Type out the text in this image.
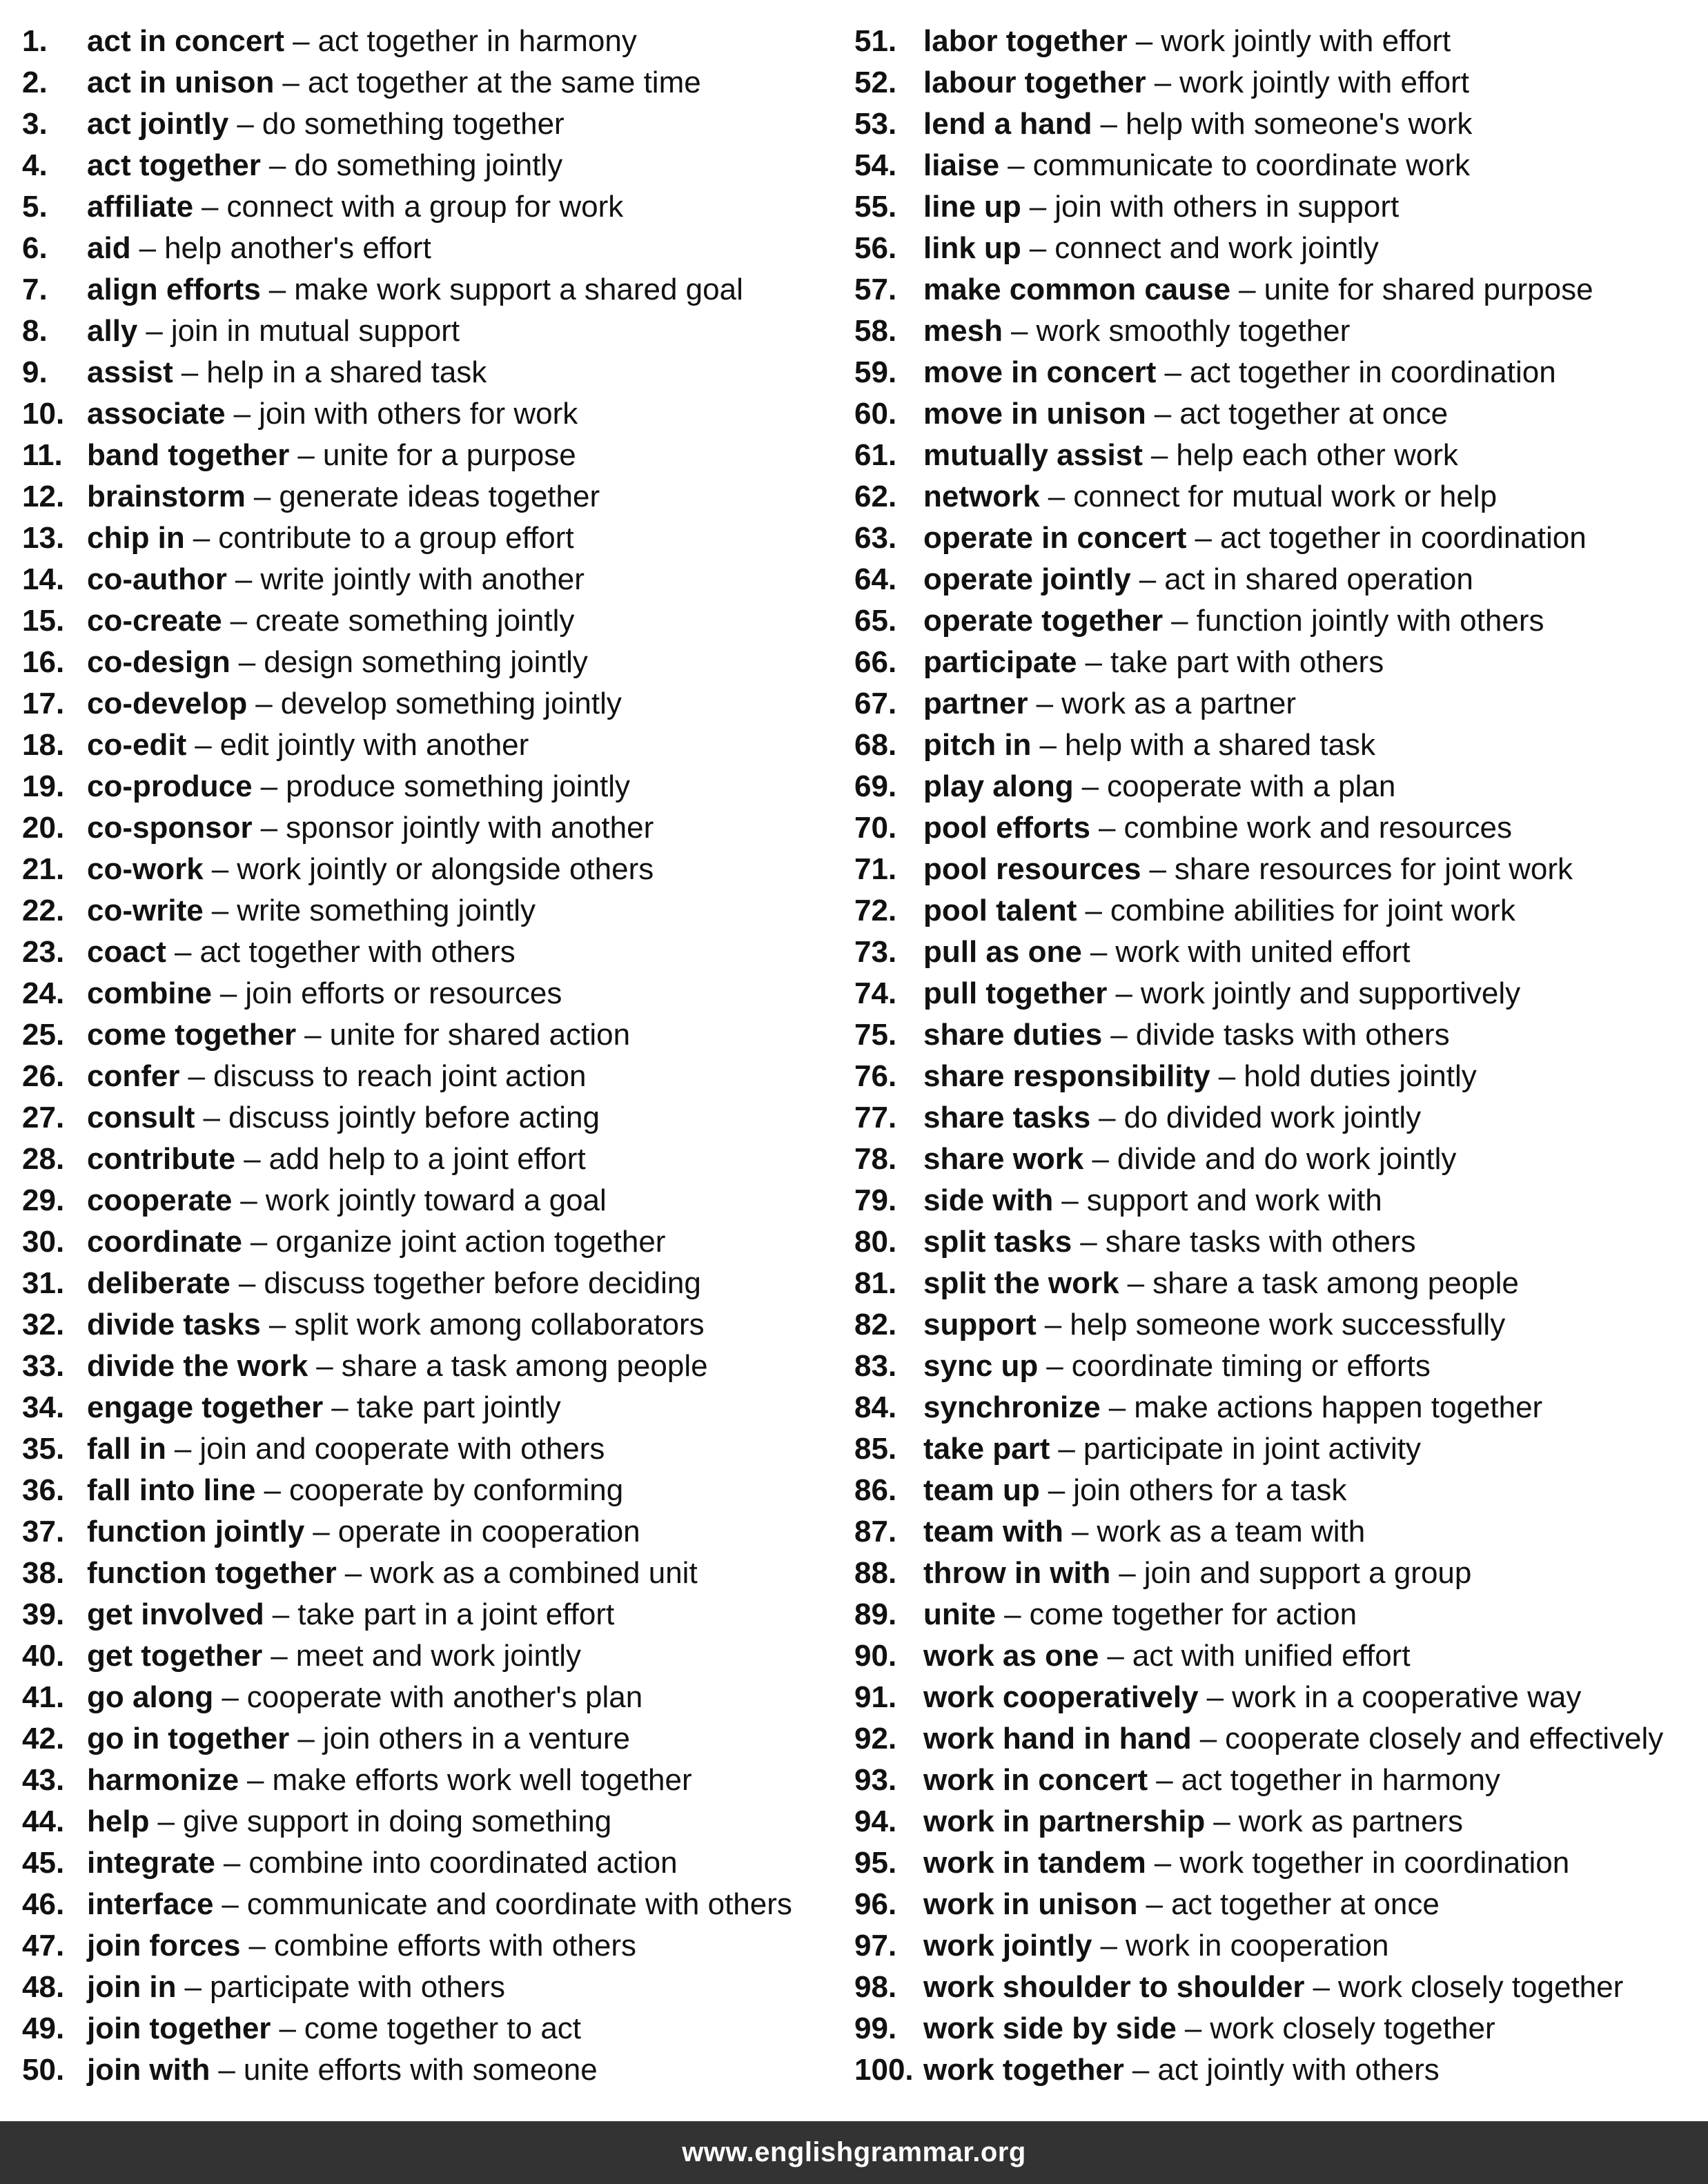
1.	act in concert – act together in harmony
2.	act in unison – act together at the same time
3.	act jointly – do something together
4.	act together – do something jointly
5.	affiliate – connect with a group for work
6.	aid – help another's effort
7.	align efforts – make work support a shared goal
8.	ally – join in mutual support
9.	assist – help in a shared task
10. associate – join with others for work
11. band together – unite for a purpose
12. brainstorm – generate ideas together
13. chip in – contribute to a group effort
14. co-author – write jointly with another
15. co-create – create something jointly
16. co-design – design something jointly
17. co-develop – develop something jointly
18. co-edit – edit jointly with another
19. co-produce – produce something jointly
20. co-sponsor – sponsor jointly with another
21. co-work – work jointly or alongside others
22. co-write – write something jointly
23. coact – act together with others
24. combine – join efforts or resources
25. come together – unite for shared action
26. confer – discuss to reach joint action
27. consult – discuss jointly before acting
28. contribute – add help to a joint effort
29. cooperate – work jointly toward a goal
30. coordinate – organize joint action together
31. deliberate – discuss together before deciding
32. divide tasks – split work among collaborators
33. divide the work – share a task among people
34. engage together – take part jointly
35. fall in – join and cooperate with others
36. fall into line – cooperate by conforming
37. function jointly – operate in cooperation
38. function together – work as a combined unit
39. get involved – take part in a joint effort
40. get together – meet and work jointly
41. go along – cooperate with another's plan
42. go in together – join others in a venture
43. harmonize – make efforts work well together
44. help – give support in doing something
45. integrate – combine into coordinated action
46. interface – communicate and coordinate with others
47. join forces – combine efforts with others
48. join in – participate with others
49. join together – come together to act
50. join with – unite efforts with someone
51. labor together – work jointly with effort
52. labour together – work jointly with effort
53. lend a hand – help with someone's work
54. liaise – communicate to coordinate work
55. line up – join with others in support
56. link up – connect and work jointly
57. make common cause – unite for shared purpose
58. mesh – work smoothly together
59. move in concert – act together in coordination
60. move in unison – act together at once
61. mutually assist – help each other work
62. network – connect for mutual work or help
63. operate in concert – act together in coordination
64. operate jointly – act in shared operation
65. operate together – function jointly with others
66. participate – take part with others
67. partner – work as a partner
68. pitch in – help with a shared task
69. play along – cooperate with a plan
70. pool efforts – combine work and resources
71. pool resources – share resources for joint work
72. pool talent – combine abilities for joint work
73. pull as one – work with united effort
74. pull together – work jointly and supportively
75. share duties – divide tasks with others
76. share responsibility – hold duties jointly
77. share tasks – do divided work jointly
78. share work – divide and do work jointly
79. side with – support and work with
80. split tasks – share tasks with others
81. split the work – share a task among people
82. support – help someone work successfully
83. sync up – coordinate timing or efforts
84. synchronize – make actions happen together
85. take part – participate in joint activity
86. team up – join others for a task
87. team with – work as a team with
88. throw in with – join and support a group
89. unite – come together for action
90. work as one – act with unified effort
91. work cooperatively – work in a cooperative way
92. work hand in hand – cooperate closely and effectively
93. work in concert – act together in harmony
94. work in partnership – work as partners
95. work in tandem – work together in coordination
96. work in unison – act together at once
97. work jointly – work in cooperation
98. work shoulder to shoulder – work closely together
99. work side by side – work closely together
100. work together – act jointly with others
www.englishgrammar.org
